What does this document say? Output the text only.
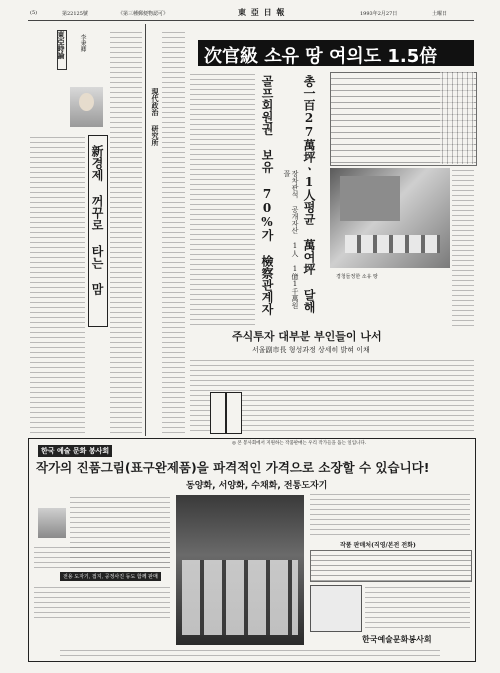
(5)	第22125號	《第三種郵便物認可》	東 亞 日 報	1993年2月27日	土曜日
東亞時論 李秉卿
新경제 꺼꾸로 타는 맘
現代政治 研究所
次官級 소유 땅 여의도 1.5倍
골프회원권 보유 70%가 檢察관계자 총一百27萬坪ㆍ1人평균 萬여坪 달해
장차관석 공개자산 1人 1億1千萬원꼴
경청들정한 소유 땅
주식투자 대부분 부인들이 나서
서울副市長 형성과정 상세히 밝혀 이채
◎ 본 봉사회에서 지원하는 작품판매는 우리 작가들을 돕는 일입니다.
한국 예술 문화 봉사회
작가의 진품그림(표구완제품)을 파격적인 가격으로 소장할 수 있습니다!
동양화, 서양화, 수채화, 전통도자기
전용 도자기, 접지, 공정사진 등도 함께 판매
작품 판매처(직영/본전 전화)
한국예술문화봉사회
